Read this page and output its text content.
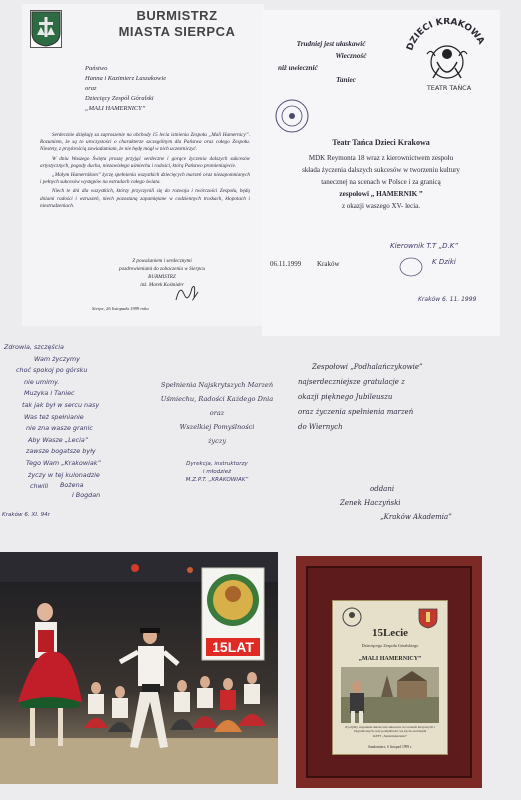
BURMISTRZ
MIASTA SIERPCA
Państwo
Hanna i Kazimierz Laszakowie
oraz
Dziecięcy Zespół Góralski
„MALI HAMERNICY”

Serdecznie dziękuję za zaproszenie na obchody 15 lecia istnienia Zespołu „Mali Hamernicy”. Rozumiem, że są to uroczystości o charakterze szczególnym dla Państwa oraz całego Zespołu. Niestety, z przykrością zawiadamiam, że nie będę mógł w nich uczestniczyć.

W dniu Waszego Święta proszę przyjąć serdeczne i gorące życzenia dalszych sukcesów artystycznych, pogody ducha, niezawisłego uśmiechu i radości, którą Państwo promieniujecie.

„Małym Hamernikom” życzę spełnienia wszystkich dziecięcych marzeń oraz niezapomnianych i pełnych sukcesów występów na estradach całego świata.

Niech te dni dla wszystkich, którzy przyczynili się do rozwoju i twórczości Zespołu, będą dniami radości i wzruszeń, niech pozostaną zapamiętane w codziennych troskach, kłopotach i niestrudzeniach.

Z poważaniem i serdecznymi pozdrowieniami do zobaczenia w Sierpcu
BURMISTRZ
inż. Marek Kośmider
Sierpc, 26 listopada 1999 roku
Trudniej jest ułaskawić
Wieczność
niż uwiecznić
Taniec
DZIECI KRAKOWA
TEATR TAŃCA
Teatr Tańca Dzieci Krakowa
MDK Reymonta 18 wraz z kierownictwem zespołu
składa życzenia dalszych sukcesów w tworzeniu kultury
tanecznej na scenach w Polsce i za granicą
zespołowi „ HAMERNIK ”
z okazji waszego XV- lecia.
Kierownik T.T „D.K”
06.11.1999 Kraków	K Dziki
Kraków 6. 11. 1999
Zdrowia, szczęścia
Wam życzymy
choć spokoj po górsku
nie umimy.
Muzyka i Taniec
tak jak był w sercu nasy
Was też spełnianie
nie zna wasze granic
Aby Wasze „Lecia”
zawsze bogatsze były
Tego Wam „Krakowiak”
życzy w tej kulonadzie
chwili	Bożena
i Bogdan
Kraków 6. XI. 94r
Spełnienia Najskrytszych Marzeń
Uśmiechu, Radości Każdego Dnia
oraz
Wszelkiej Pomyślności
życzy
Dyrekcja, instruktorzy
i młodzież
M.Z.P.T. „KRAKOWIAK”
Zespołowi „Podhalańczykowie”
najserdeczniejsze gratulacje z
okazji pięknego Jubileuszu
oraz życzenia spełnienia marzeń
do Wiernych
oddani
Zenek Haczyński
„Kraków Akademia”
15LAT
15Lecie
Dziecięcego Zespołu Góralskiego
„MALI HAMERNICY”
Życzymy wspaniałe dalsze lata sukcesów na scenach Krajowych i Zagranicznych oraz pomyślności we życiu osobistym
KZFT „Sandomierzanie”
Sandomierz, 6 listopad 1999 r.
